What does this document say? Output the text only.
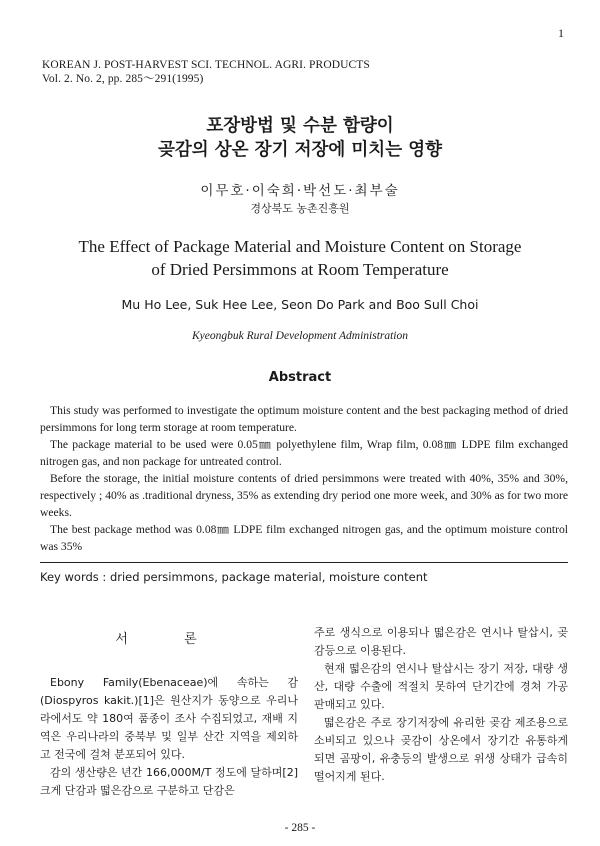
1
KOREAN J. POST-HARVEST SCI. TECHNOL. AGRI. PRODUCTS
Vol. 2. No. 2, pp. 285～291(1995)
포장방법 및 수분 함량이
곶감의 상온 장기 저장에 미치는 영향
이무호·이숙희·박선도·최부술
경상북도 농촌진흥원
The Effect of Package Material and Moisture Content on Storage
of Dried Persimmons at Room Temperature
Mu Ho Lee, Suk Hee Lee, Seon Do Park and Boo Sull Choi
Kyeongbuk Rural Development Administration
Abstract

This study was performed to investigate the optimum moisture content and the best packaging method of dried persimmons for long term storage at room temperature.

The package material to be used were 0.05㎜ polyethylene film, Wrap film, 0.08㎜ LDPE film exchanged nitrogen gas, and non package for untreated control.

Before the storage, the initial moisture contents of dried persimmons were treated with 40%, 35% and 30%, respectively ; 40% as .traditional dryness, 35% as extending dry period one more week, and 30% as for two more weeks.

The best package method was 0.08㎜ LDPE film exchanged nitrogen gas, and the optimum moisture control was 35%

Key words : dried persimmons, package material, moisture content
서 론

Ebony Family(Ebenaceae)에 속하는 감(Diospyros kakit.)[1]은 원산지가 동양으로 우리나라에서도 약 180여 품종이 조사 수집되었고, 재배 지역은 우리나라의 중북부 및 일부 산간 지역을 제외하고 전국에 걸쳐 분포되어 있다.

감의 생산량은 년간 166,000M/T 정도에 달하며[2] 크게 단감과 떫은감으로 구분하고 단감은

주로 생식으로 이용되나 떫은감은 연시나 탈삽시, 곶감등으로 이용된다.

현재 떫은감의 연시나 탈삽시는 장기 저장, 대량 생산, 대량 수출에 적절치 못하여 단기간에 경쳐 가공 판매되고 있다.

떫은감은 주로 장기저장에 유리한 곶감 제조용으로 소비되고 있으나 곶감이 상온에서 장기간 유통하게 되면 곰팡이, 유충등의 발생으로 위생 상태가 급속히 떨어지게 된다.

- 285 -
